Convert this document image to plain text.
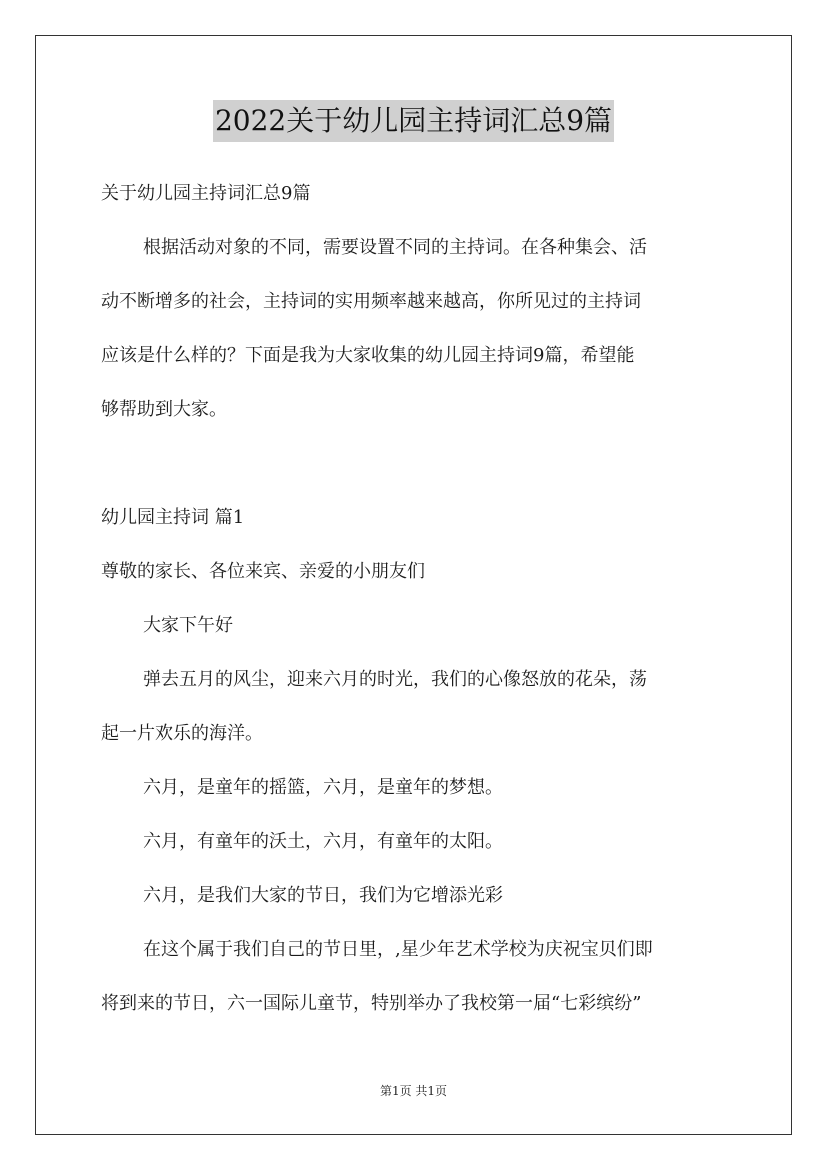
2022关于幼儿园主持词汇总9篇
关于幼儿园主持词汇总9篇
根据活动对象的不同，需要设置不同的主持词。在各种集会、活
动不断增多的社会，主持词的实用频率越来越高，你所见过的主持词
应该是什么样的？下面是我为大家收集的幼儿园主持词9篇，希望能
够帮助到大家。
幼儿园主持词 篇1
尊敬的家长、各位来宾、亲爱的小朋友们
大家下午好
弹去五月的风尘，迎来六月的时光，我们的心像怒放的花朵，荡
起一片欢乐的海洋。
六月，是童年的摇篮，六月，是童年的梦想。
六月，有童年的沃土，六月，有童年的太阳。
六月，是我们大家的节日，我们为它增添光彩
在这个属于我们自己的节日里，,星少年艺术学校为庆祝宝贝们即
将到来的节日，六一国际儿童节，特别举办了我校第一届“七彩缤纷”
第1页 共1页
